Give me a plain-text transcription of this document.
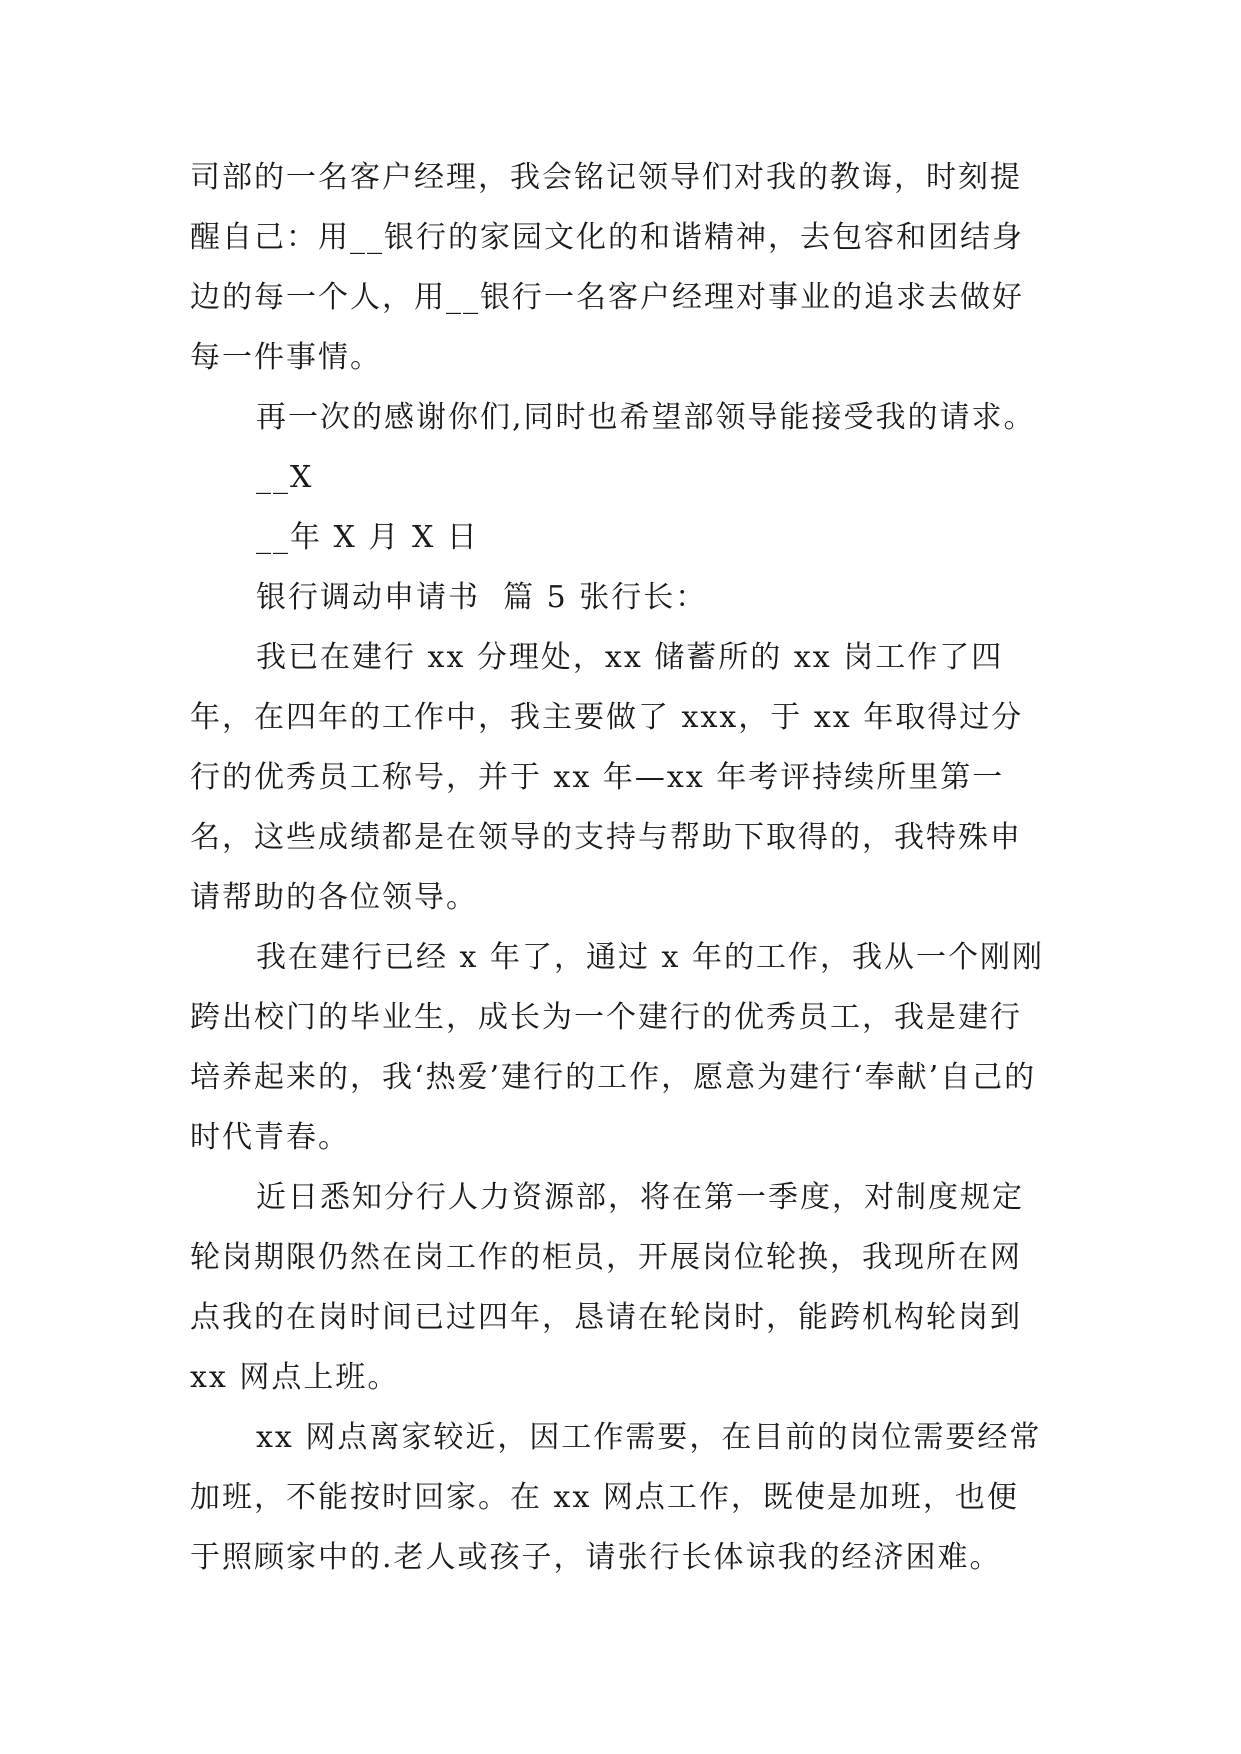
司部的一名客户经理，我会铭记领导们对我的教诲，时刻提醒自己：用__银行的家园文化的和谐精神，去包容和团结身边的每一个人，用__银行一名客户经理对事业的追求去做好每一件事情。

再一次的感谢你们,同时也希望部领导能接受我的请求。

__X

__年 X 月 X 日

银行调动申请书  篇 5 张行长：

我已在建行 xx 分理处，xx 储蓄所的 xx 岗工作了四年，在四年的工作中，我主要做了 xxx，于 xx 年取得过分行的优秀员工称号，并于 xx 年—xx 年考评持续所里第一名，这些成绩都是在领导的支持与帮助下取得的，我特殊申请帮助的各位领导。

我在建行已经 x 年了，通过 x 年的工作，我从一个刚刚跨出校门的毕业生，成长为一个建行的优秀员工，我是建行培养起来的，我‘热爱’建行的工作，愿意为建行‘奉献’自己的时代青春。

近日悉知分行人力资源部，将在第一季度，对制度规定轮岗期限仍然在岗工作的柜员，开展岗位轮换，我现所在网点我的在岗时间已过四年，恳请在轮岗时，能跨机构轮岗到 xx 网点上班。

xx 网点离家较近，因工作需要，在目前的岗位需要经常加班，不能按时回家。在 xx 网点工作，既使是加班，也便于照顾家中的.老人或孩子，请张行长体谅我的经济困难。
